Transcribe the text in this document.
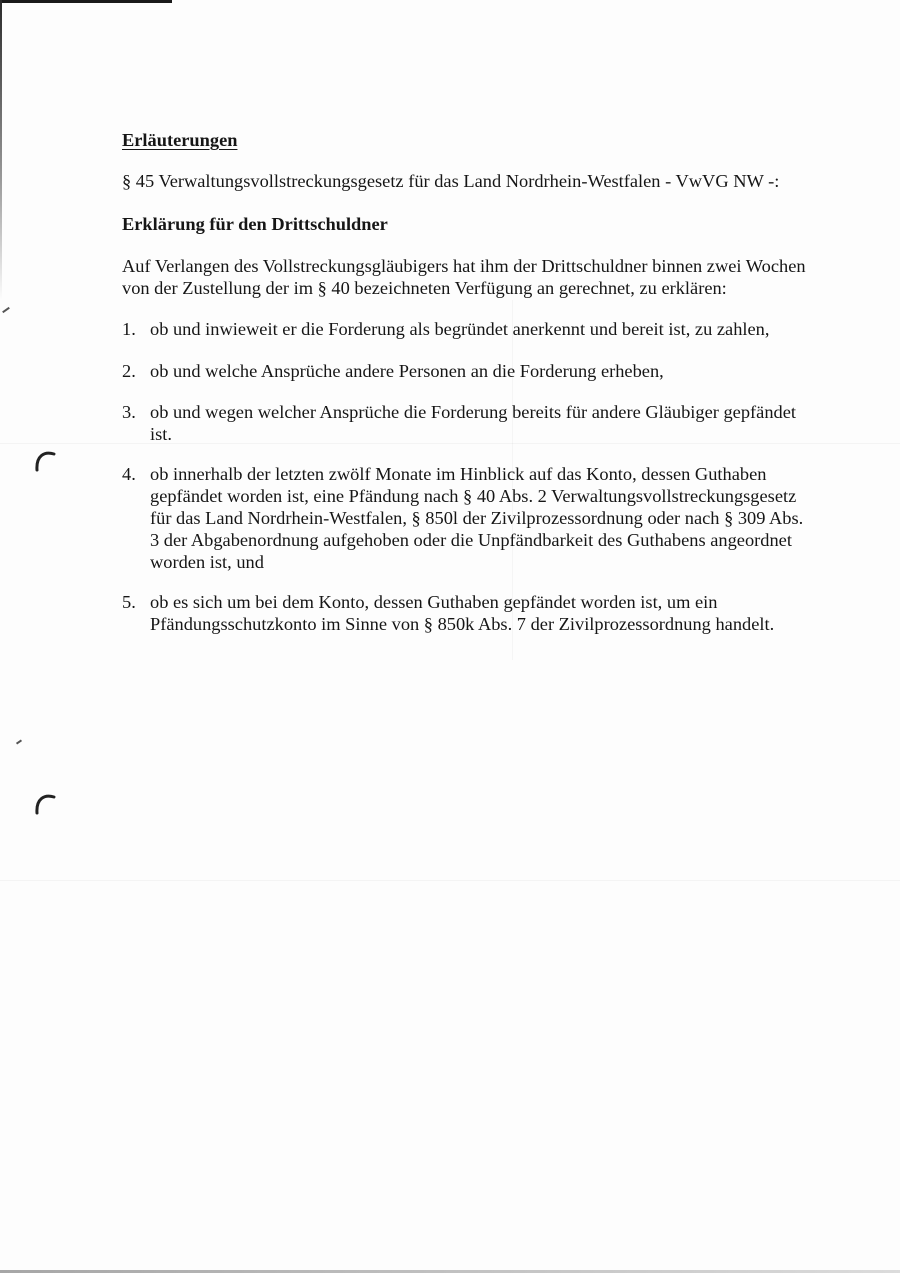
Erläuterungen

§ 45 Verwaltungsvollstreckungsgesetz für das Land Nordrhein-Westfalen - VwVG NW -:

Erklärung für den Drittschuldner

Auf Verlangen des Vollstreckungsgläubigers hat ihm der Drittschuldner binnen zwei Wochen
von der Zustellung der im § 40 bezeichneten Verfügung an gerechnet, zu erklären:

1. ob und inwieweit er die Forderung als begründet anerkennt und bereit ist, zu zahlen,
2. ob und welche Ansprüche andere Personen an die Forderung erheben,
3. ob und wegen welcher Ansprüche die Forderung bereits für andere Gläubiger gepfändet
ist.
4. ob innerhalb der letzten zwölf Monate im Hinblick auf das Konto, dessen Guthaben
gepfändet worden ist, eine Pfändung nach § 40 Abs. 2 Verwaltungsvollstreckungsgesetz
für das Land Nordrhein-Westfalen, § 850l der Zivilprozessordnung oder nach § 309 Abs.
3 der Abgabenordnung aufgehoben oder die Unpfändbarkeit des Guthabens angeordnet
worden ist, und
5. ob es sich um bei dem Konto, dessen Guthaben gepfändet worden ist, um ein
Pfändungsschutzkonto im Sinne von § 850k Abs. 7 der Zivilprozessordnung handelt.
